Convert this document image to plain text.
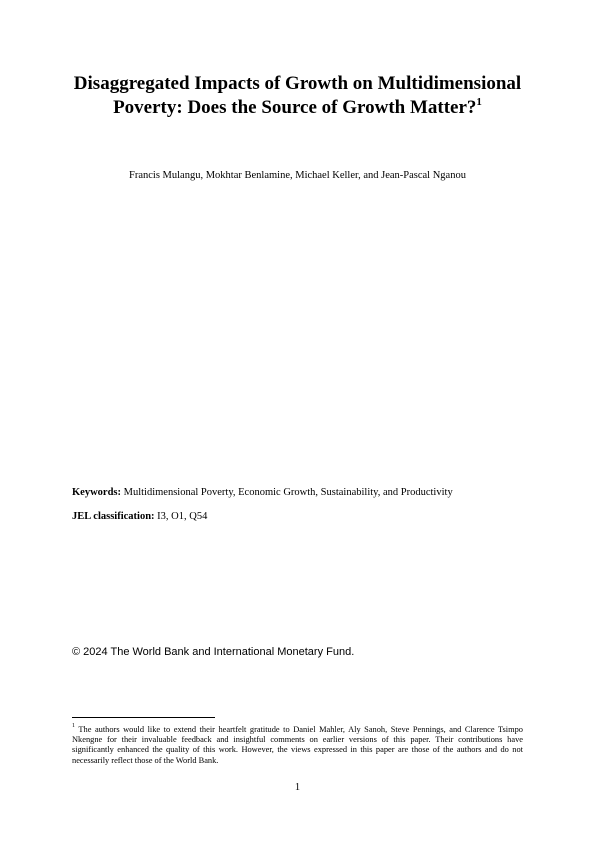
Disaggregated Impacts of Growth on Multidimensional Poverty: Does the Source of Growth Matter?$^1$
Francis Mulangu, Mokhtar Benlamine, Michael Keller, and Jean-Pascal Nganou
Keywords: Multidimensional Poverty, Economic Growth, Sustainability, and Productivity
JEL classification: I3, O1, Q54
© 2024 The World Bank and International Monetary Fund.
$^1$ The authors would like to extend their heartfelt gratitude to Daniel Mahler, Aly Sanoh, Steve Pennings, and Clarence Tsimpo Nkengne for their invaluable feedback and insightful comments on earlier versions of this paper. Their contributions have significantly enhanced the quality of this work. However, the views expressed in this paper are those of the authors and do not necessarily reflect those of the World Bank.
1
